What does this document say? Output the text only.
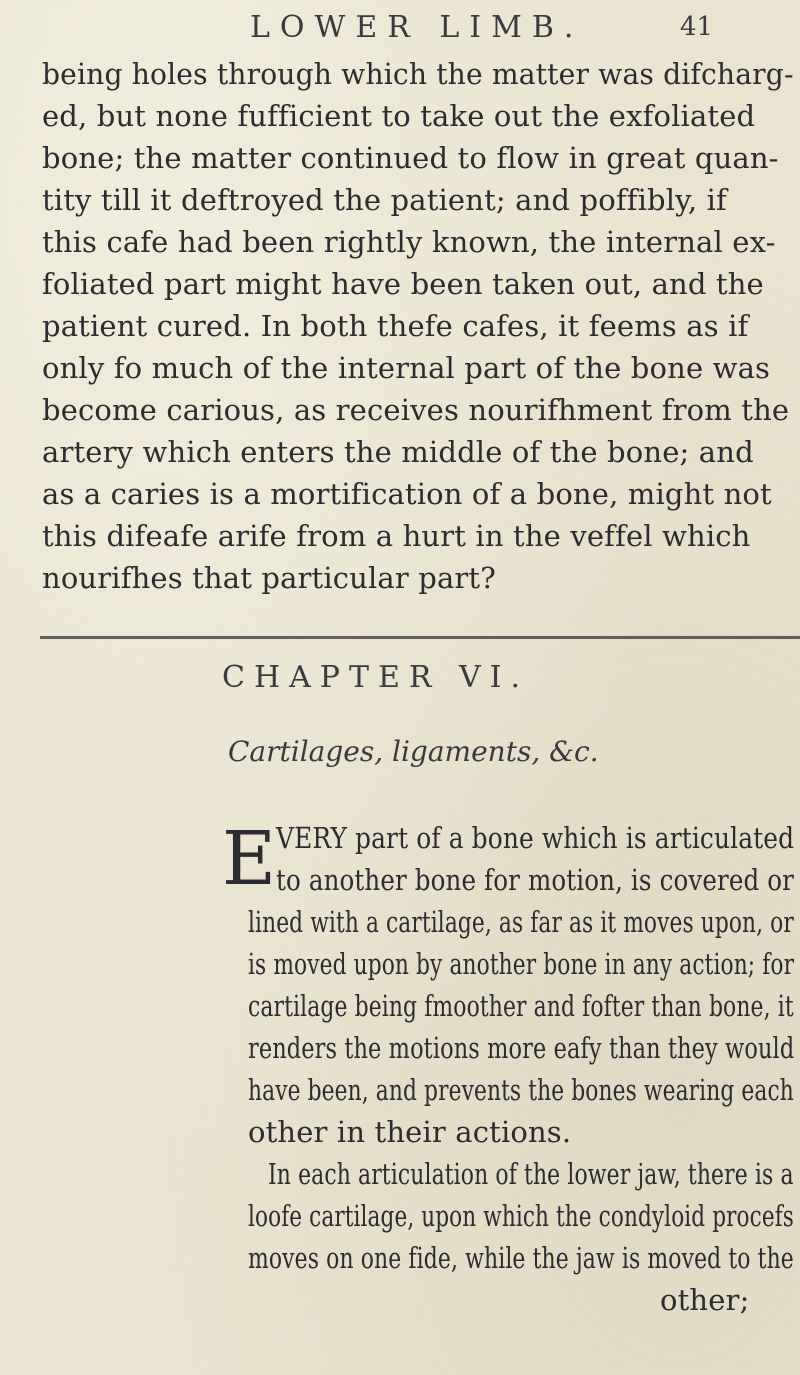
LOWER LIMB.	41
being holes through which the matter was difcharg-
ed, but none fufficient to take out the exfoliated
bone; the matter continued to flow in great quan-
tity till it deftroyed the patient; and poffibly, if
this cafe had been rightly known, the internal ex-
foliated part might have been taken out, and the
patient cured. In both thefe cafes, it feems as if
only fo much of the internal part of the bone was
become carious, as receives nourifhment from the
artery which enters the middle of the bone; and
as a caries is a mortification of a bone, might not
this difeafe arife from a hurt in the veffel which
nourifhes that particular part?
CHAPTER VI.
Cartilages, ligaments, &c.
E VERY part of a bone which is articulated
to another bone for motion, is covered or
lined with a cartilage, as far as it moves upon, or
is moved upon by another bone in any action; for
cartilage being fmoother and fofter than bone, it
renders the motions more eafy than they would
have been, and prevents the bones wearing each
other in their actions.
In each articulation of the lower jaw, there is a
loofe cartilage, upon which the condyloid procefs
moves on one fide, while the jaw is moved to the
other;
